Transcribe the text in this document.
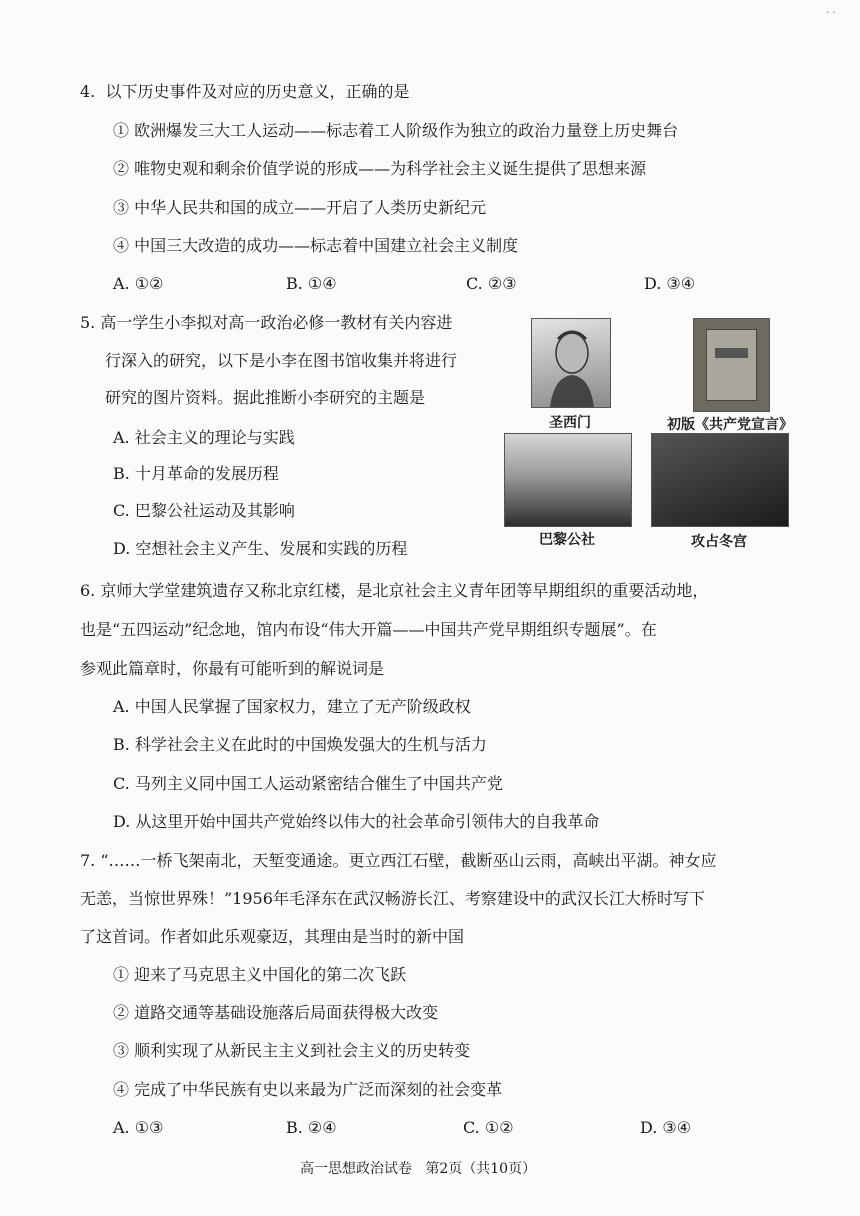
· ·
4.  以下历史事件及对应的历史意义，正确的是
① 欧洲爆发三大工人运动——标志着工人阶级作为独立的政治力量登上历史舞台
② 唯物史观和剩余价值学说的形成——为科学社会主义诞生提供了思想来源
③ 中华人民共和国的成立——开启了人类历史新纪元
④ 中国三大改造的成功——标志着中国建立社会主义制度
A. ①②	B. ①④	C. ②③	D. ③④
5. 高一学生小李拟对高一政治必修一教材有关内容进
行深入的研究，以下是小李在图书馆收集并将进行
研究的图片资料。据此推断小李研究的主题是
A. 社会主义的理论与实践
B. 十月革命的发展历程
C. 巴黎公社运动及其影响
D. 空想社会主义产生、发展和实践的历程
圣西门	初版《共产党宣言》
巴黎公社	攻占冬宫
6. 京师大学堂建筑遗存又称北京红楼，是北京社会主义青年团等早期组织的重要活动地，
也是“五四运动”纪念地，馆内布设“伟大开篇——中国共产党早期组织专题展”。在
参观此篇章时，你最有可能听到的解说词是
A. 中国人民掌握了国家权力，建立了无产阶级政权
B. 科学社会主义在此时的中国焕发强大的生机与活力
C. 马列主义同中国工人运动紧密结合催生了中国共产党
D. 从这里开始中国共产党始终以伟大的社会革命引领伟大的自我革命
7. “……一桥飞架南北，天堑变通途。更立西江石壁，截断巫山云雨，高峡出平湖。神女应
无恙，当惊世界殊！”1956年毛泽东在武汉畅游长江、考察建设中的武汉长江大桥时写下
了这首词。作者如此乐观豪迈，其理由是当时的新中国
① 迎来了马克思主义中国化的第二次飞跃
② 道路交通等基础设施落后局面获得极大改变
③ 顺利实现了从新民主主义到社会主义的历史转变
④ 完成了中华民族有史以来最为广泛而深刻的社会变革
A. ①③	B. ②④	C. ①②	D. ③④
高一思想政治试卷   第2页（共10页）
